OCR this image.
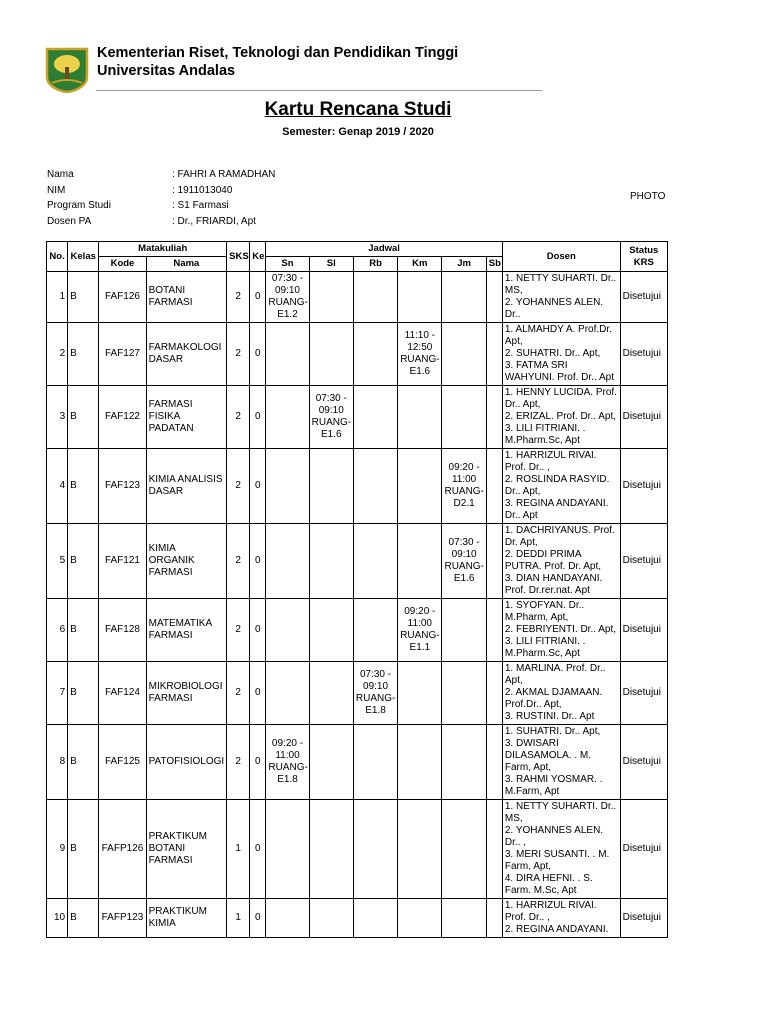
Kementerian Riset, Teknologi dan Pendidikan Tinggi
Universitas Andalas
Kartu Rencana Studi
Semester: Genap 2019 / 2020
Nama	: FAHRI A RAMADHAN
NIM	: 1911013040
Program Studi	: S1 Farmasi
Dosen PA	: Dr., FRIARDI, Apt
PHOTO
No.	Kelas	Matakuliah		SKS	Ke	Jadwal						Dosen	Status KRS
		Kode	Nama			Sn	Sl	Rb	Km	Jm	Sb		
1	B	FAF126	BOTANI FARMASI	2	0	07:30 - 09:10 RUANG-E1.2						1. NETTY SUHARTI. Dr.. MS,
2. YOHANNES ALEN. Dr..	Disetujui
2	B	FAF127	FARMAKOLOGI DASAR	2	0				11:10 - 12:50 RUANG-E1.6			1. ALMAHDY A. Prof.Dr. Apt,
2. SUHATRI. Dr.. Apt,
3. FATMA SRI WAHYUNI. Prof. Dr.. Apt	Disetujui
3	B	FAF122	FARMASI FISIKA PADATAN	2	0		07:30 - 09:10 RUANG-E1.6					1. HENNY LUCIDA. Prof. Dr.. Apt,
2. ERIZAL. Prof. Dr.. Apt,
3. LILI FITRIANI. . M.Pharm.Sc, Apt	Disetujui
4	B	FAF123	KIMIA ANALISIS DASAR	2	0					09:20 - 11:00 RUANG-D2.1		1. HARRIZUL RIVAI. Prof. Dr.. ,
2. ROSLINDA RASYID. Dr.. Apt,
3. REGINA ANDAYANI. Dr.. Apt	Disetujui
5	B	FAF121	KIMIA ORGANIK FARMASI	2	0					07:30 - 09:10 RUANG-E1.6		1. DACHRIYANUS. Prof. Dr. Apt,
2. DEDDI PRIMA PUTRA. Prof. Dr. Apt,
3. DIAN HANDAYANI. Prof. Dr.rer.nat. Apt	Disetujui
6	B	FAF128	MATEMATIKA FARMASI	2	0				09:20 - 11:00 RUANG-E1.1			1. SYOFYAN. Dr.. M.Pharm, Apt,
2. FEBRIYENTI. Dr.. Apt,
3. LILI FITRIANI. . M.Pharm.Sc, Apt	Disetujui
7	B	FAF124	MIKROBIOLOGI FARMASI	2	0			07:30 - 09:10 RUANG-E1.8				1. MARLINA. Prof. Dr.. Apt,
2. AKMAL DJAMAAN. Prof.Dr.. Apt,
3. RUSTINI. Dr.. Apt	Disetujui
8	B	FAF125	PATOFISIOLOGI	2	0	09:20 - 11:00 RUANG-E1.8						1. SUHATRI. Dr.. Apt,
3. DWISARI DILASAMOLA. . M. Farm, Apt,
3. RAHMI YOSMAR. . M.Farm, Apt	Disetujui
9	B	FAFP126	PRAKTIKUM BOTANI FARMASI	1	0							1. NETTY SUHARTI. Dr.. MS,
2. YOHANNES ALEN. Dr.. ,
3. MERI SUSANTI. . M. Farm, Apt,
4. DIRA HEFNI. . S. Farm. M.Sc, Apt	Disetujui
10	B	FAFP123	PRAKTIKUM KIMIA	1	0							1. HARRIZUL RIVAI. Prof. Dr.. ,
2. REGINA ANDAYANI.	Disetujui
